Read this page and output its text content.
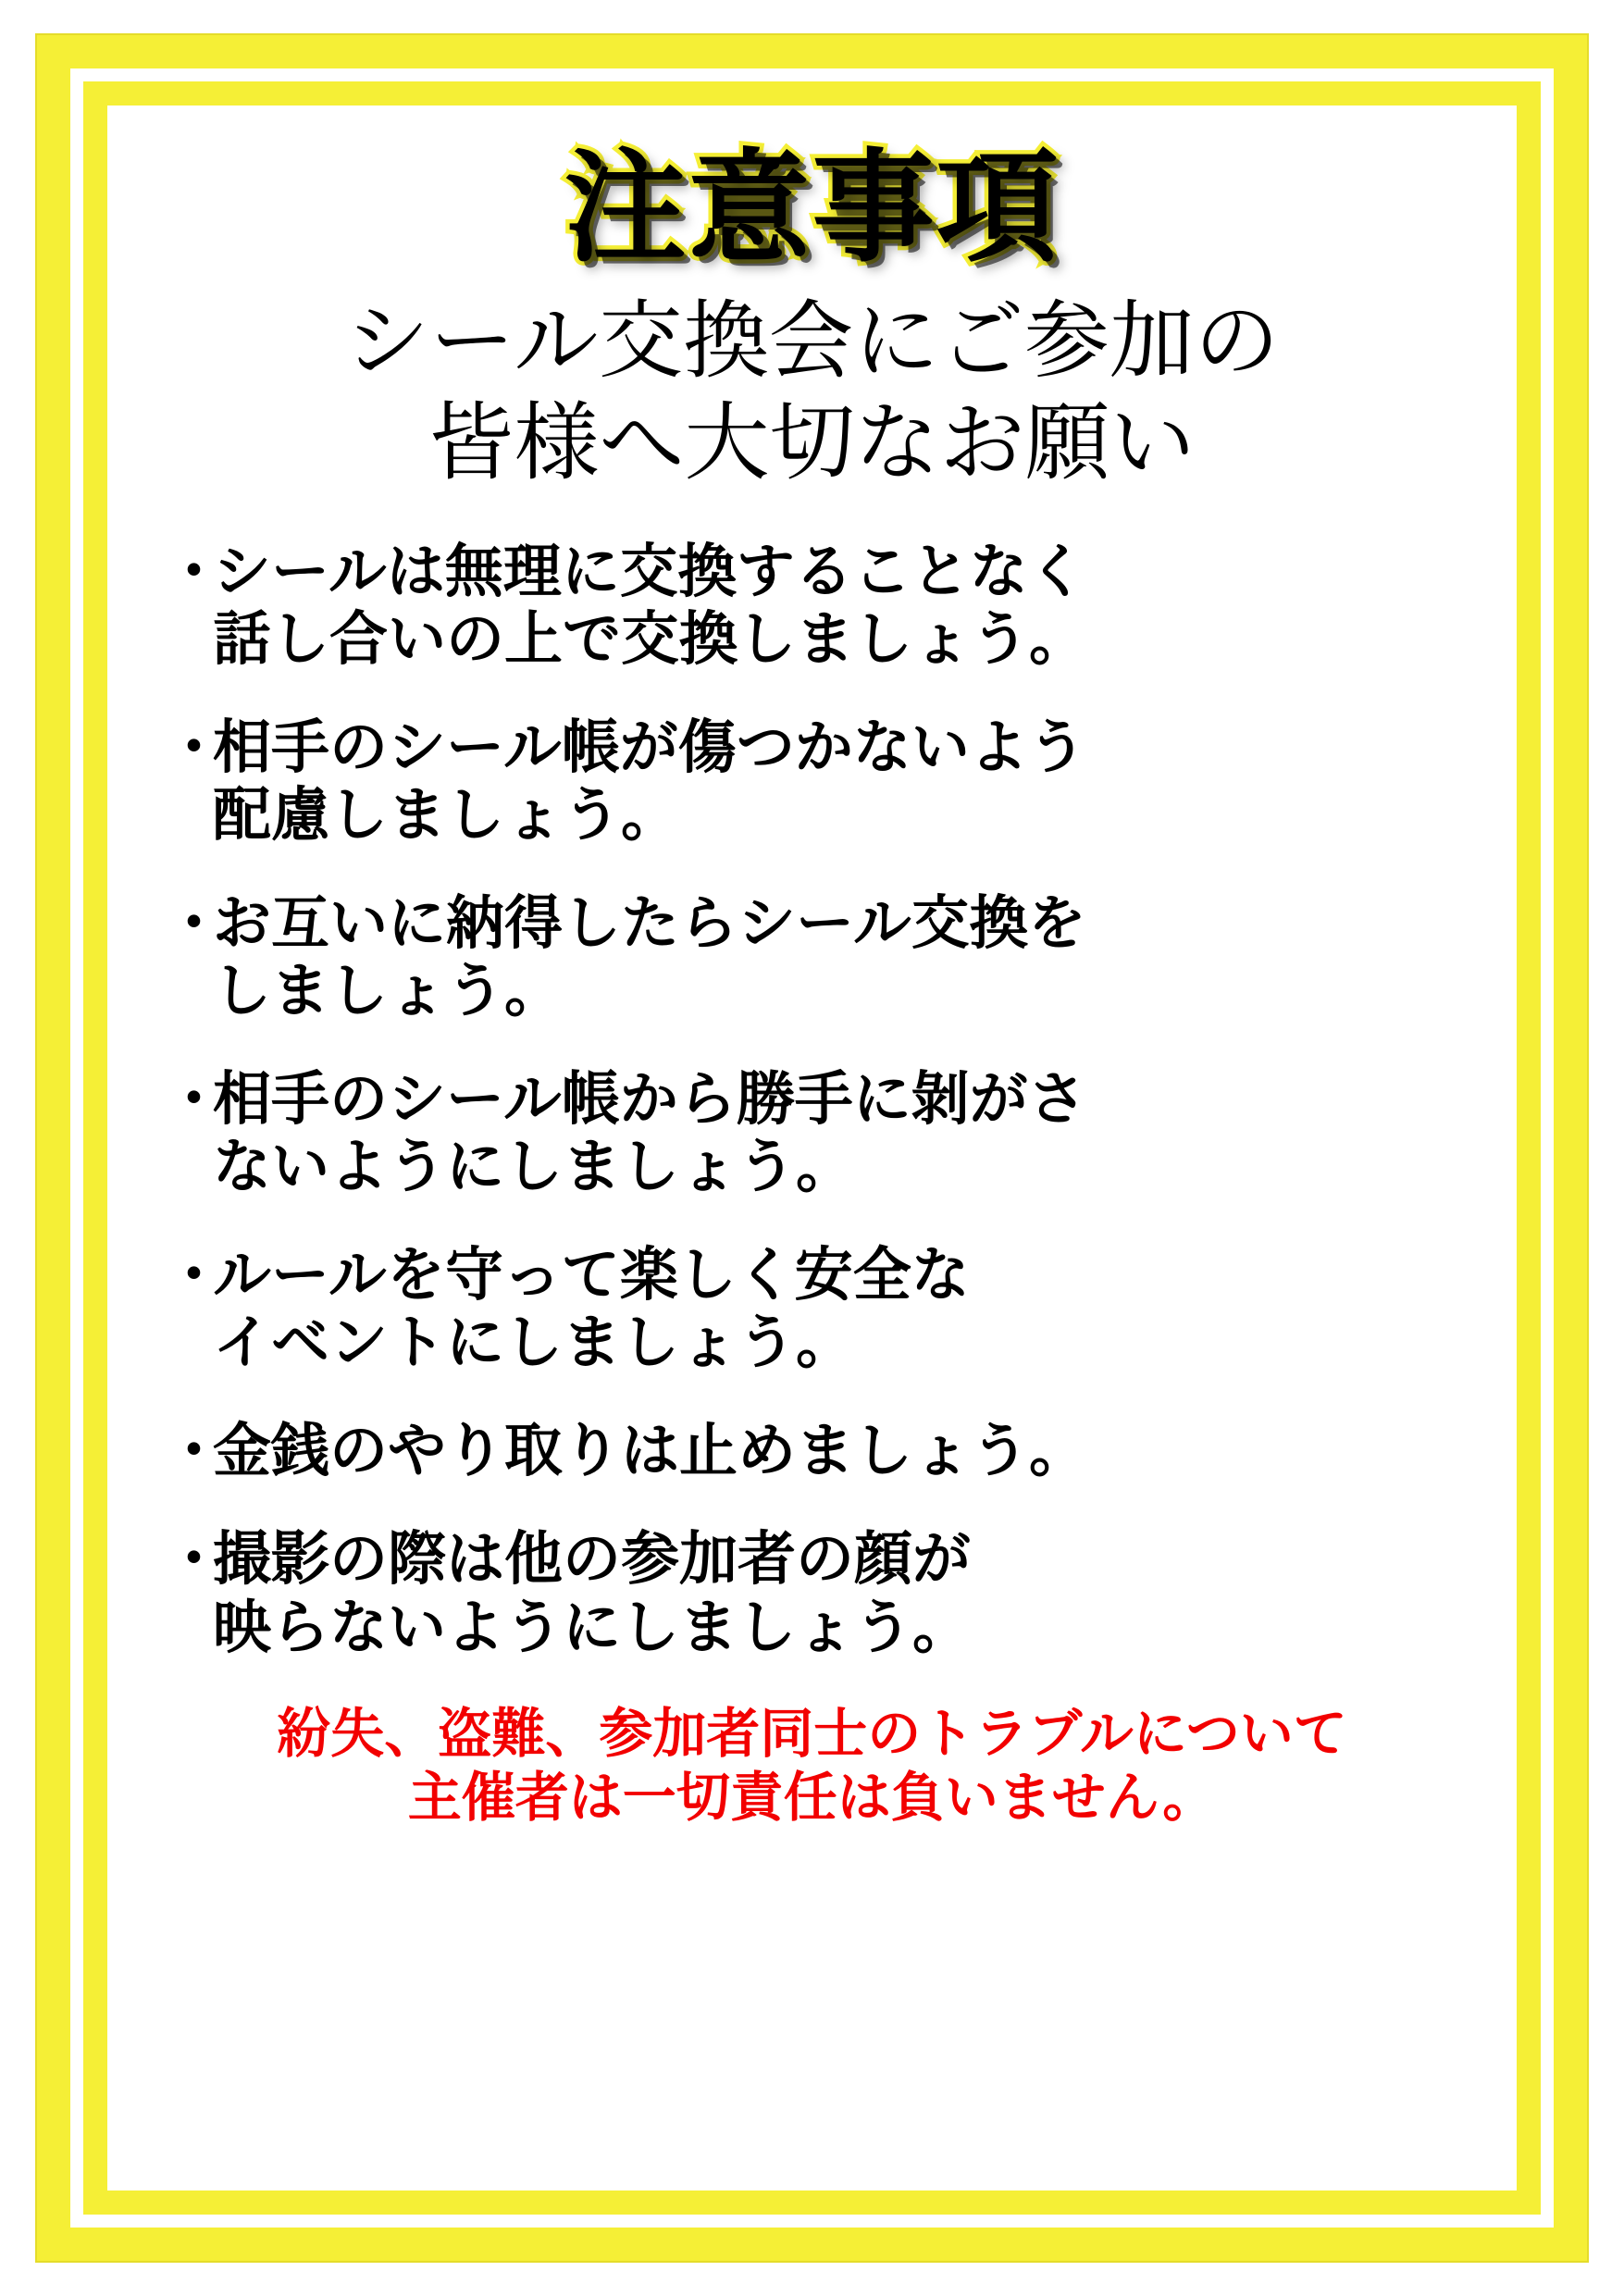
注意事項
シール交換会にご参加の
皆様へ大切なお願い
・
シールは無理に交換することなく
話し合いの上で交換しましょう。
・
相手のシール帳が傷つかないよう
配慮しましょう。
・
お互いに納得したらシール交換を
しましょう。
・
相手のシール帳から勝手に剝がさ
ないようにしましょう。
・
ルールを守って楽しく安全な
イベントにしましょう。
・
金銭のやり取りは止めましょう。
・
撮影の際は他の参加者の顔が
映らないようにしましょう。
紛失、盗難、参加者同士のトラブルについて
主催者は一切責任は負いません。
